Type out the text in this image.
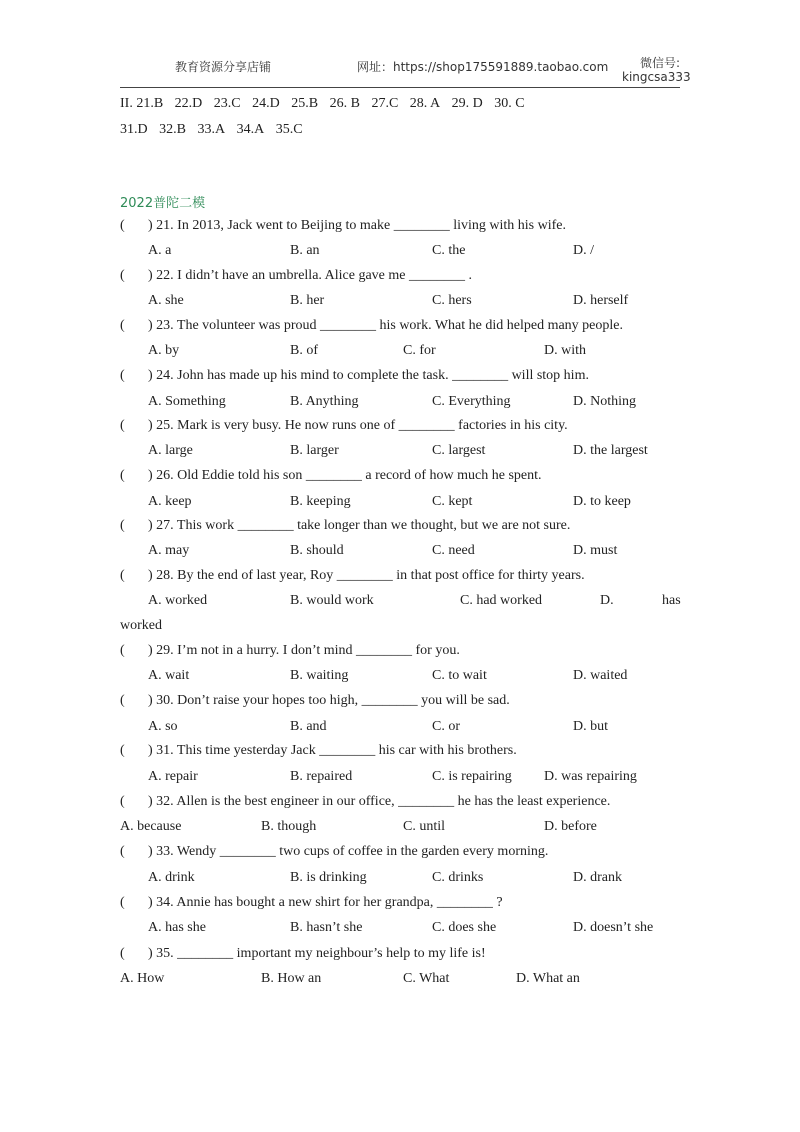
教育资源分享店铺	网址：https://shop175591889.taobao.com	微信号:
kingcsa333
II. 21.B 22.D 23.C 24.D 25.B 26. B 27.C 28. A 29. D 30. C
31.D 32.B 33.A 34.A 35.C
2022普陀二模
( ) 21. In 2013, Jack went to Beijing to make ________ living with his wife.
A. a	B. an	C. the	D. /
( ) 22. I didn’t have an umbrella. Alice gave me ________ .
A. she	B. her	C. hers	D. herself
( ) 23. The volunteer was proud ________ his work. What he did helped many people.
A. by	B. of	C. for	D. with
( ) 24. John has made up his mind to complete the task. ________ will stop him.
A. Something	B. Anything	C. Everything	D. Nothing
( ) 25. Mark is very busy. He now runs one of ________ factories in his city.
A. large	B. larger	C. largest	D. the largest
( ) 26. Old Eddie told his son ________ a record of how much he spent.
A. keep	B. keeping	C. kept	D. to keep
( ) 27. This work ________ take longer than we thought, but we are not sure.
A. may	B. should	C. need	D. must
( ) 28. By the end of last year, Roy ________ in that post office for thirty years.
A. worked	B. would work	C. had worked	D.	has
worked
( ) 29. I’m not in a hurry. I don’t mind ________ for you.
A. wait	B. waiting	C. to wait	D. waited
( ) 30. Don’t raise your hopes too high, ________ you will be sad.
A. so	B. and	C. or	D. but
( ) 31. This time yesterday Jack ________ his car with his brothers.
A. repair	B. repaired	C. is repairing D. was repairing
( ) 32. Allen is the best engineer in our office, ________ he has the least experience.
A. because	B. though	C. until	D. before
( ) 33. Wendy ________ two cups of coffee in the garden every morning.
A. drink	B. is drinking	C. drinks	D. drank
( ) 34. Annie has bought a new shirt for her grandpa, ________ ?
A. has she	B. hasn’t she	C. does she	D. doesn’t she
( ) 35. ________ important my neighbour’s help to my life is!
A. How	B. How an	C. What	D. What an
